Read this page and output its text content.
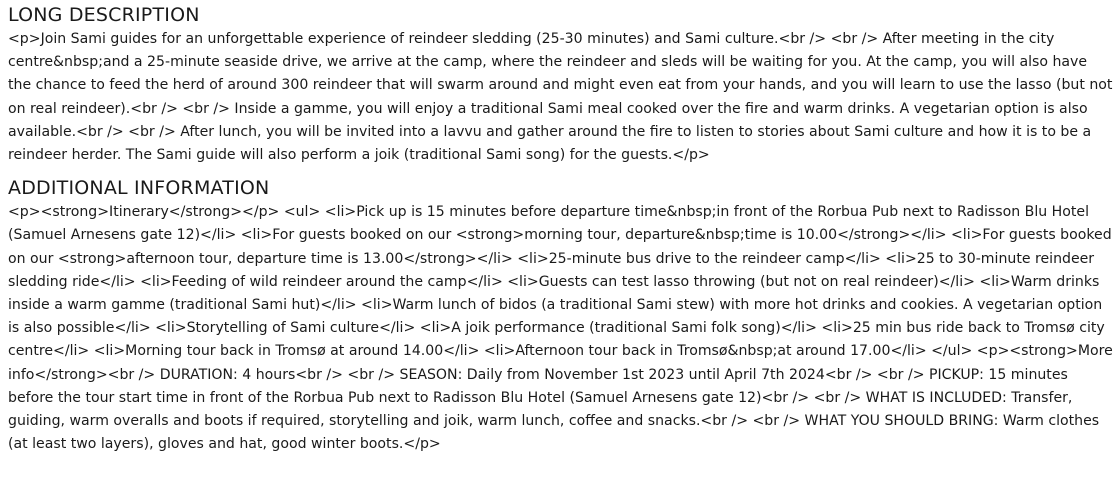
LONG DESCRIPTION
<p>Join Sami guides for an unforgettable experience of reindeer sledding (25-30 minutes) and Sami culture.<br /> <br /> After meeting in the city centre&nbsp;and a 25-minute seaside drive, we arrive at the camp, where the reindeer and sleds will be waiting for you. At the camp, you will also have the chance to feed the herd of around 300 reindeer that will swarm around and might even eat from your hands, and you will learn to use the lasso (but not on real reindeer).<br /> <br /> Inside a gamme, you will enjoy a traditional Sami meal cooked over the fire and warm drinks. A vegetarian option is also available.<br /> <br /> After lunch, you will be invited into a lavvu and gather around the fire to listen to stories about Sami culture and how it is to be a reindeer herder. The Sami guide will also perform a joik (traditional Sami song) for the guests.</p>
ADDITIONAL INFORMATION
<p><strong>Itinerary</strong></p> <ul> <li>Pick up is 15 minutes before departure time&nbsp;in front of the Rorbua Pub next to Radisson Blu Hotel (Samuel Arnesens gate 12)</li> <li>For guests booked on our <strong>morning tour, departure&nbsp;time is 10.00</strong></li> <li>For guests booked on our <strong>afternoon tour, departure time is 13.00</strong></li> <li>25-minute bus drive to the reindeer camp</li> <li>25 to 30-minute reindeer sledding ride</li> <li>Feeding of wild reindeer around the camp</li> <li>Guests can test lasso throwing (but not on real reindeer)</li> <li>Warm drinks inside a warm gamme (traditional Sami hut)</li> <li>Warm lunch of bidos (a traditional Sami stew) with more hot drinks and cookies. A vegetarian option is also possible</li> <li>Storytelling of Sami culture</li> <li>A joik performance (traditional Sami folk song)</li> <li>25 min bus ride back to Tromsø city centre</li> <li>Morning tour back in Tromsø at around 14.00</li> <li>Afternoon tour back in Tromsø&nbsp;at around 17.00</li> </ul> <p><strong>More info</strong><br /> DURATION: 4 hours<br /> <br /> SEASON: Daily from November 1st 2023 until April 7th 2024<br /> <br /> PICKUP: 15 minutes before the tour start time in front of the Rorbua Pub next to Radisson Blu Hotel (Samuel Arnesens gate 12)<br /> <br /> WHAT IS INCLUDED: Transfer, guiding, warm overalls and boots if required, storytelling and joik, warm lunch, coffee and snacks.<br /> <br /> WHAT YOU SHOULD BRING: Warm clothes (at least two layers), gloves and hat, good winter boots.</p>
